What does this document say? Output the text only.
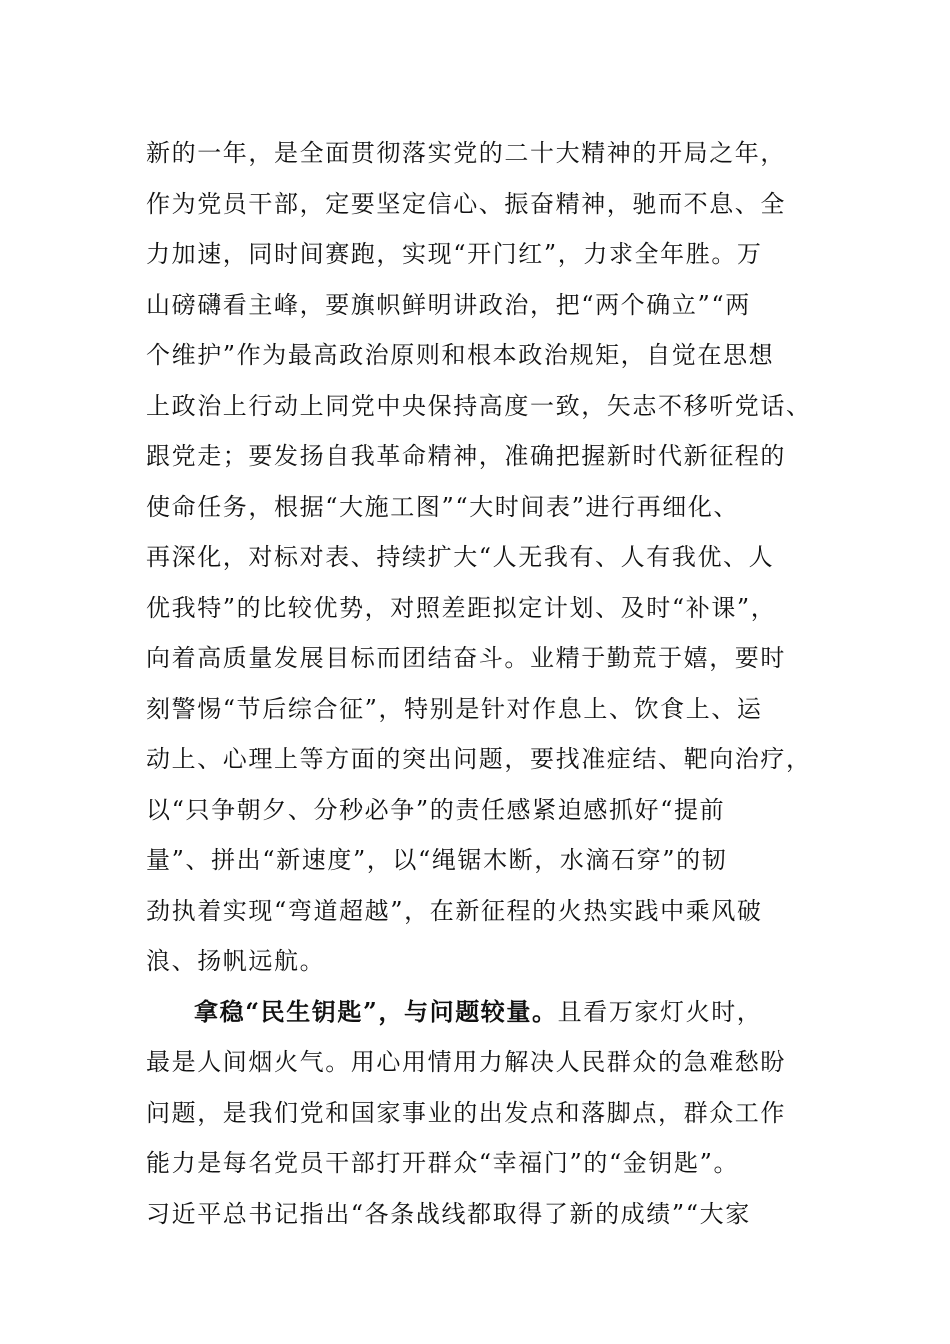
新的一年，是全面贯彻落实党的二十大精神的开局之年，
作为党员干部，定要坚定信心、振奋精神，驰而不息、全
力加速，同时间赛跑，实现“开门红”，力求全年胜。万
山磅礴看主峰，要旗帜鲜明讲政治，把“两个确立”“两
个维护”作为最高政治原则和根本政治规矩，自觉在思想
上政治上行动上同党中央保持高度一致，矢志不移听党话、
跟党走；要发扬自我革命精神，准确把握新时代新征程的
使命任务，根据“大施工图”“大时间表”进行再细化、
再深化，对标对表、持续扩大“人无我有、人有我优、人
优我特”的比较优势，对照差距拟定计划、及时“补课”，
向着高质量发展目标而团结奋斗。业精于勤荒于嬉，要时
刻警惕“节后综合征”，特别是针对作息上、饮食上、运
动上、心理上等方面的突出问题，要找准症结、靶向治疗，
以“只争朝夕、分秒必争”的责任感紧迫感抓好“提前
量”、拼出“新速度”，以“绳锯木断，水滴石穿”的韧
劲执着实现“弯道超越”，在新征程的火热实践中乘风破
浪、扬帆远航。
拿稳“民生钥匙”，与问题较量。且看万家灯火时，
最是人间烟火气。用心用情用力解决人民群众的急难愁盼
问题，是我们党和国家事业的出发点和落脚点，群众工作
能力是每名党员干部打开群众“幸福门”的“金钥匙”。
习近平总书记指出“各条战线都取得了新的成绩”“大家
